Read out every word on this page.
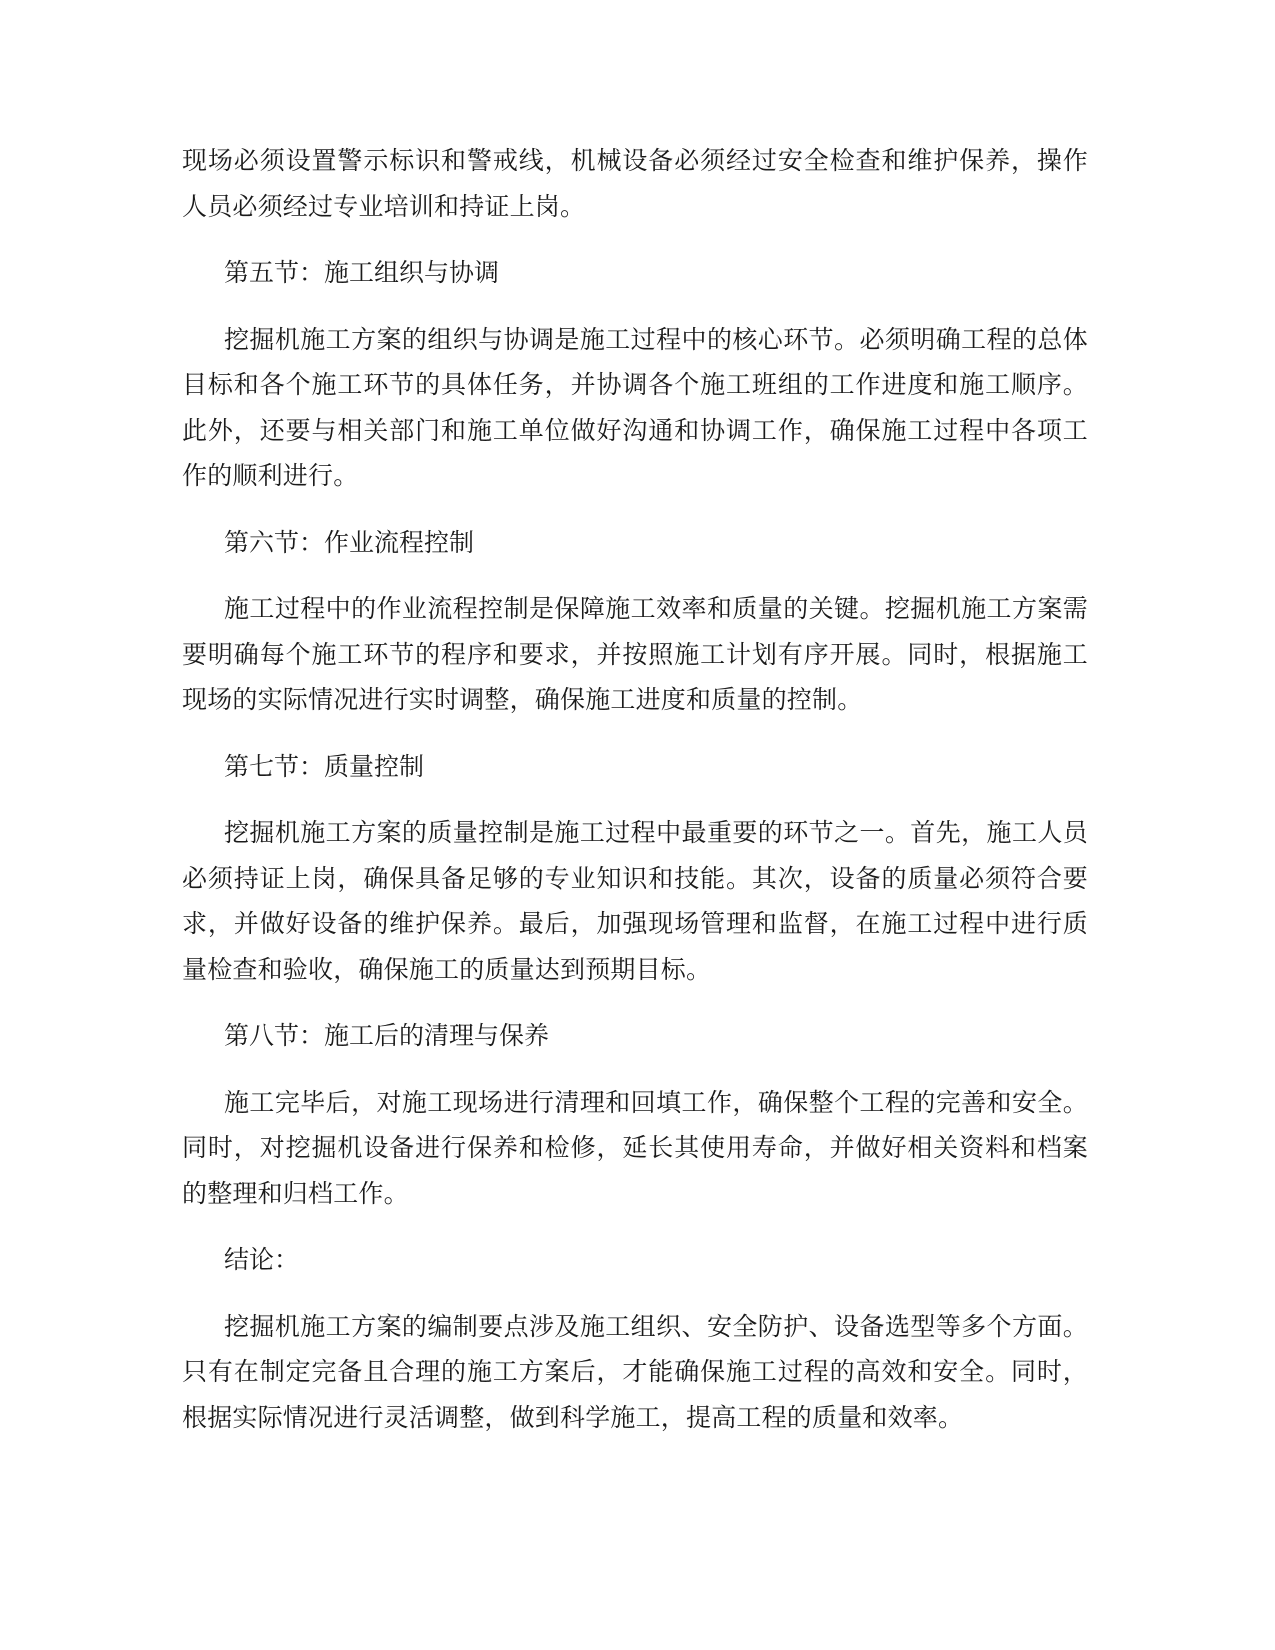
现场必须设置警示标识和警戒线，机械设备必须经过安全检查和维护保养，操作人员必须经过专业培训和持证上岗。

第五节：施工组织与协调

挖掘机施工方案的组织与协调是施工过程中的核心环节。必须明确工程的总体目标和各个施工环节的具体任务，并协调各个施工班组的工作进度和施工顺序。此外，还要与相关部门和施工单位做好沟通和协调工作，确保施工过程中各项工作的顺利进行。

第六节：作业流程控制

施工过程中的作业流程控制是保障施工效率和质量的关键。挖掘机施工方案需要明确每个施工环节的程序和要求，并按照施工计划有序开展。同时，根据施工现场的实际情况进行实时调整，确保施工进度和质量的控制。

第七节：质量控制

挖掘机施工方案的质量控制是施工过程中最重要的环节之一。首先，施工人员必须持证上岗，确保具备足够的专业知识和技能。其次，设备的质量必须符合要求，并做好设备的维护保养。最后，加强现场管理和监督，在施工过程中进行质量检查和验收，确保施工的质量达到预期目标。

第八节：施工后的清理与保养

施工完毕后，对施工现场进行清理和回填工作，确保整个工程的完善和安全。同时，对挖掘机设备进行保养和检修，延长其使用寿命，并做好相关资料和档案的整理和归档工作。

结论：

挖掘机施工方案的编制要点涉及施工组织、安全防护、设备选型等多个方面。只有在制定完备且合理的施工方案后，才能确保施工过程的高效和安全。同时，根据实际情况进行灵活调整，做到科学施工，提高工程的质量和效率。
